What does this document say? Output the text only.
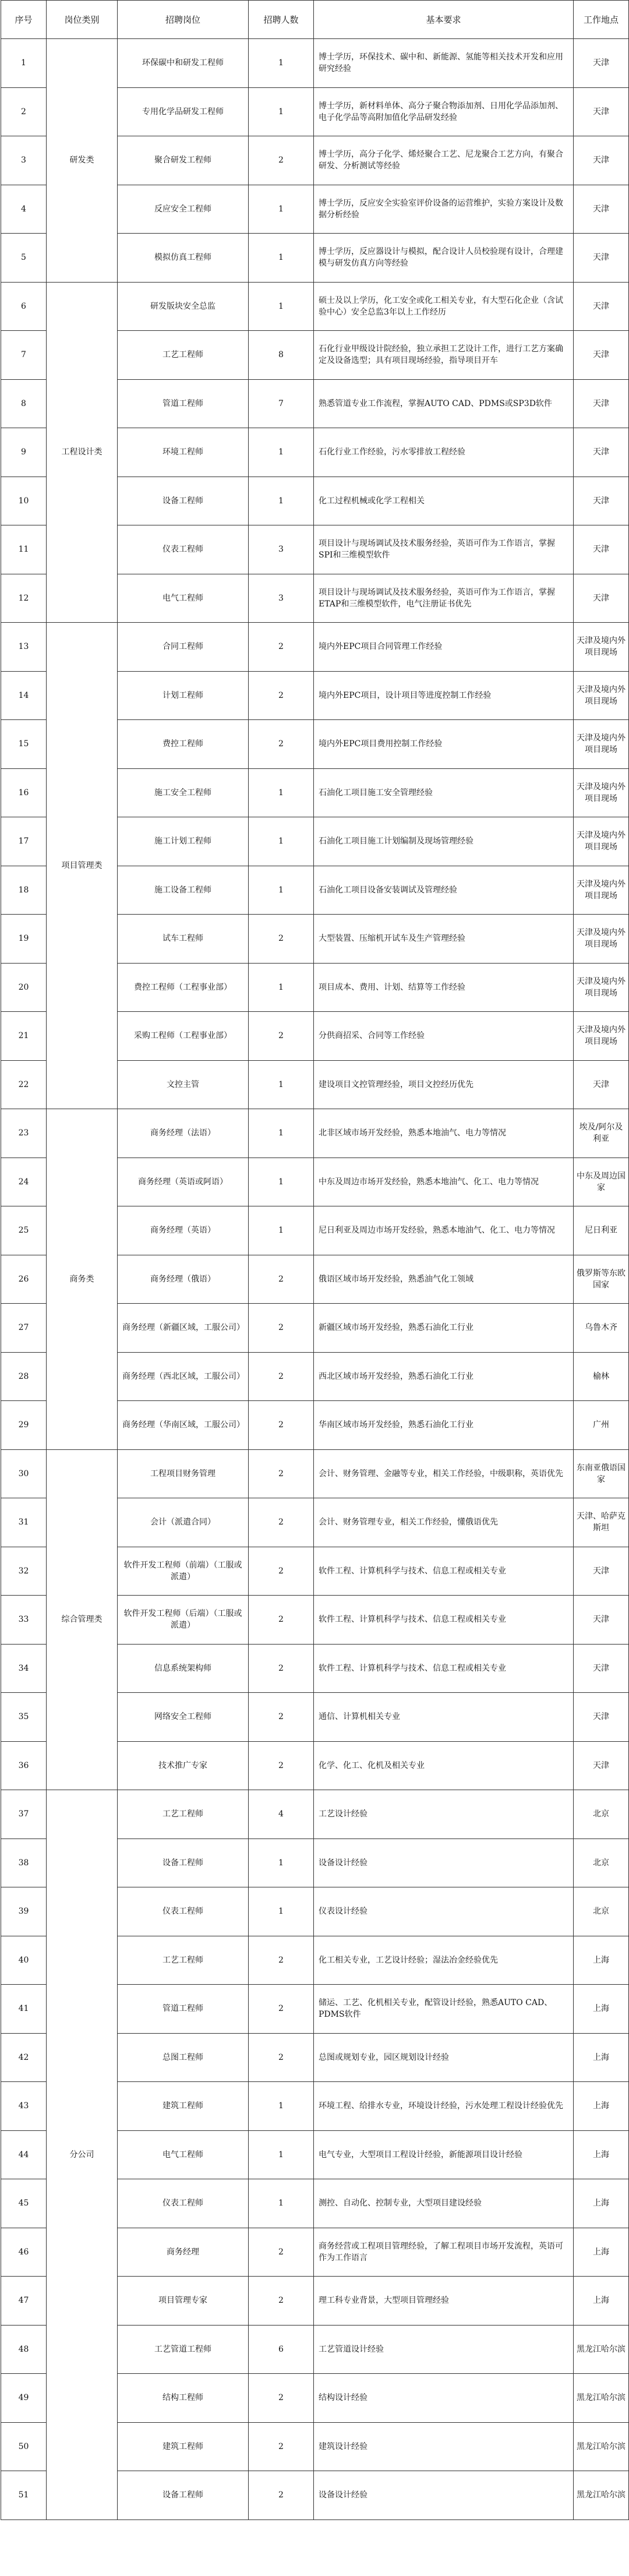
序号	岗位类别	招聘岗位	招聘人数	基本要求	工作地点
1	研发类	环保碳中和研发工程师	1	博士学历，环保技术、碳中和、新能源、氢能等相关技术开发和应用研究经验	天津
2		专用化学品研发工程师	1	博士学历，新材料单体、高分子聚合物添加剂、日用化学品添加剂、电子化学品等高附加值化学品研发经验	天津
3		聚合研发工程师	2	博士学历，高分子化学、烯烃聚合工艺、尼龙聚合工艺方向，有聚合研发、分析测试等经验	天津
4		反应安全工程师	1	博士学历，反应安全实验室评价设备的运营维护，实验方案设计及数据分析经验	天津
5		模拟仿真工程师	1	博士学历，反应器设计与模拟，配合设计人员校验现有设计，合理建模与研发仿真方向等经验	天津
6	工程设计类	研发版块安全总监	1	硕士及以上学历，化工安全或化工相关专业，有大型石化企业（含试验中心）安全总监3年以上工作经历	天津
7		工艺工程师	8	石化行业甲级设计院经验，独立承担工艺设计工作，进行工艺方案确定及设备选型；具有项目现场经验，指导项目开车	天津
8		管道工程师	7	熟悉管道专业工作流程，掌握AUTO CAD、PDMS或SP3D软件	天津
9		环境工程师	1	石化行业工作经验，污水零排放工程经验	天津
10		设备工程师	1	化工过程机械或化学工程相关	天津
11		仪表工程师	3	项目设计与现场调试及技术服务经验，英语可作为工作语言，掌握SPI和三维模型软件	天津
12		电气工程师	3	项目设计与现场调试及技术服务经验，英语可作为工作语言，掌握ETAP和三维模型软件，电气注册证书优先	天津
13	项目管理类	合同工程师	2	境内外EPC项目合同管理工作经验	天津及境内外项目现场
14		计划工程师	2	境内外EPC项目，设计项目等进度控制工作经验	天津及境内外项目现场
15		费控工程师	2	境内外EPC项目费用控制工作经验	天津及境内外项目现场
16		施工安全工程师	1	石油化工项目施工安全管理经验	天津及境内外项目现场
17		施工计划工程师	1	石油化工项目施工计划编制及现场管理经验	天津及境内外项目现场
18		施工设备工程师	1	石油化工项目设备安装调试及管理经验	天津及境内外项目现场
19		试车工程师	2	大型装置、压缩机开试车及生产管理经验	天津及境内外项目现场
20		费控工程师（工程事业部）	1	项目成本、费用、计划、结算等工作经验	天津及境内外项目现场
21		采购工程师（工程事业部）	2	分供商招采、合同等工作经验	天津及境内外项目现场
22		文控主管	1	建设项目文控管理经验，项目文控经历优先	天津
23	商务类	商务经理（法语）	1	北非区域市场开发经验，熟悉本地油气、电力等情况	埃及/阿尔及利亚
24		商务经理（英语或阿语）	1	中东及周边市场开发经验，熟悉本地油气、化工、电力等情况	中东及周边国家
25		商务经理（英语）	1	尼日利亚及周边市场开发经验，熟悉本地油气、化工、电力等情况	尼日利亚
26		商务经理（俄语）	2	俄语区域市场开发经验，熟悉油气化工领域	俄罗斯等东欧国家
27		商务经理（新疆区域，工服公司）	2	新疆区域市场开发经验，熟悉石油化工行业	乌鲁木齐
28		商务经理（西北区域，工服公司）	2	西北区域市场开发经验，熟悉石油化工行业	榆林
29		商务经理（华南区域，工服公司）	2	华南区域市场开发经验，熟悉石油化工行业	广州
30	综合管理类	工程项目财务管理	2	会计、财务管理、金融等专业，相关工作经验，中级职称，英语优先	东南亚俄语国家
31		会计（派遣合同）	2	会计、财务管理专业，相关工作经验，懂俄语优先	天津、哈萨克斯坦
32		软件开发工程师（前端）（工服或派遣）	2	软件工程、计算机科学与技术、信息工程或相关专业	天津
33		软件开发工程师（后端）（工服或派遣）	2	软件工程、计算机科学与技术、信息工程或相关专业	天津
34		信息系统架构师	2	软件工程、计算机科学与技术、信息工程或相关专业	天津
35		网络安全工程师	2	通信、计算机相关专业	天津
36		技术推广专家	2	化学、化工、化机及相关专业	天津
37	分公司	工艺工程师	4	工艺设计经验	北京
38		设备工程师	1	设备设计经验	北京
39		仪表工程师	1	仪表设计经验	北京
40		工艺工程师	2	化工相关专业，工艺设计经验；湿法冶金经验优先	上海
41		管道工程师	2	储运、工艺、化机相关专业，配管设计经验，熟悉AUTO CAD、PDMS软件	上海
42		总图工程师	2	总图或规划专业，园区规划设计经验	上海
43		建筑工程师	1	环境工程、给排水专业，环境设计经验，污水处理工程设计经验优先	上海
44		电气工程师	1	电气专业，大型项目工程设计经验，新能源项目设计经验	上海
45		仪表工程师	1	测控、自动化、控制专业，大型项目建设经验	上海
46		商务经理	2	商务经营或工程项目管理经验，了解工程项目市场开发流程，英语可作为工作语言	上海
47		项目管理专家	2	理工科专业背景，大型项目管理经验	上海
48		工艺管道工程师	6	工艺管道设计经验	黑龙江哈尔滨
49		结构工程师	2	结构设计经验	黑龙江哈尔滨
50		建筑工程师	2	建筑设计经验	黑龙江哈尔滨
51		设备工程师	2	设备设计经验	黑龙江哈尔滨
